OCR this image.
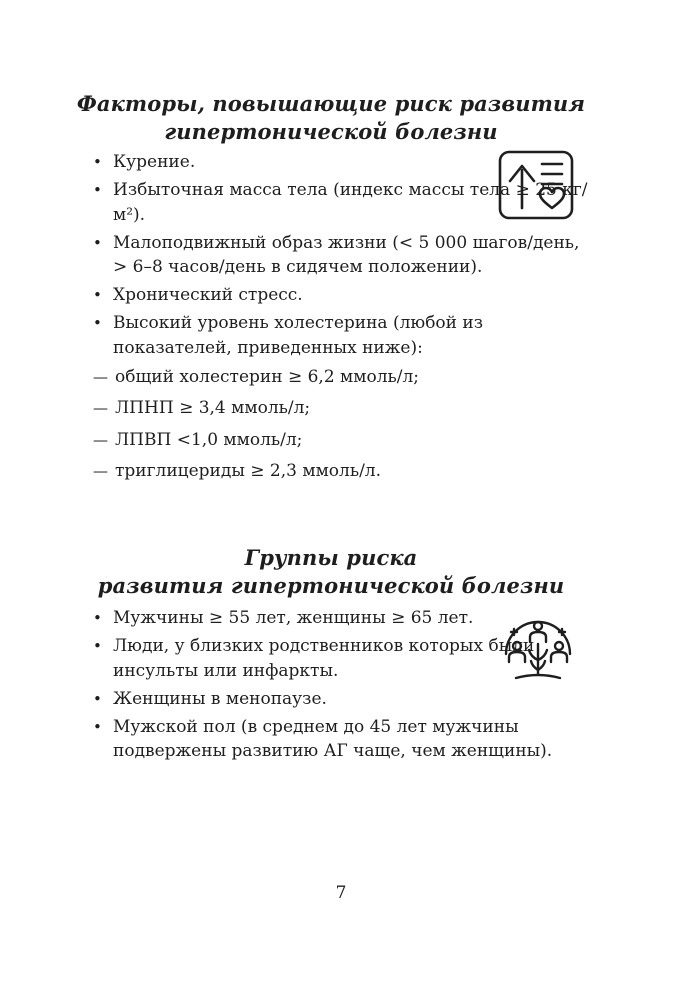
Факторы, повышающие риск развития
гипертонической болезни
• Курение.
• Избыточная масса тела (индекс массы тела ≥ 25 кг/м²).
• Малоподвижный образ жизни (< 5 000 шагов/день, > 6–8 часов/день в сидячем положении).
• Хронический стресс.
• Высокий уровень холестерина (любой из показателей, приведенных ниже):
— общий холестерин ≥ 6,2 ммоль/л;
— ЛПНП ≥ 3,4 ммоль/л;
— ЛПВП <1,0 ммоль/л;
— триглицериды ≥ 2,3 ммоль/л.
Группы риска
развития гипертонической болезни
• Мужчины ≥ 55 лет, женщины ≥ 65 лет.
• Люди, у близких родственников которых были инсульты или инфаркты.
• Женщины в менопаузе.
• Мужской пол (в среднем до 45 лет мужчины подвержены развитию АГ чаще, чем женщины).
7
